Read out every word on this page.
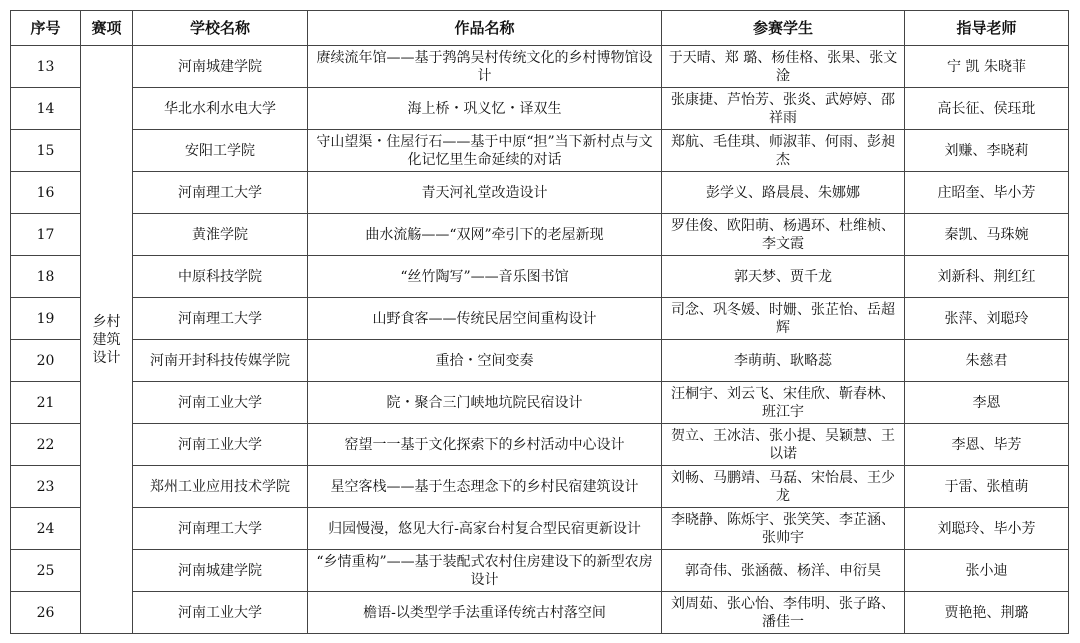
序号	赛项	学校名称	作品名称	参赛学生	指导老师
13	乡村建筑设计	河南城建学院	赓续流年馆——基于鹁鸽吴村传统文化的乡村博物馆设计	于天晴、郑 璐、杨佳格、张果、张文淦	宁 凯 朱晓菲
14		华北水利水电大学	海上桥・巩义忆・译双生	张康捷、芦怡芳、张炎、武婷婷、邵祥雨	高长征、侯珏玭
15		安阳工学院	守山望渠・住屋行石——基于中原“担”当下新村点与文化记忆里生命延续的对话	郑航、毛佳琪、师淑菲、何雨、彭昶杰	刘赚、李晓莉
16		河南理工大学	青天河礼堂改造设计	彭学义、路晨晨、朱娜娜	庄昭奎、毕小芳
17		黄淮学院	曲水流觞——“双网”牵引下的老屋新现	罗佳俊、欧阳萌、杨遇环、杜维桢、李文霞	秦凯、马珠婉
18		中原科技学院	“丝竹陶写”——音乐图书馆	郭天梦、贾千龙	刘新科、荆红红
19		河南理工大学	山野食客——传统民居空间重构设计	司念、巩冬媛、时姗、张芷怡、岳超辉	张萍、刘聪玲
20		河南开封科技传媒学院	重拾・空间变奏	李萌萌、耿略蕊	朱慈君
21		河南工业大学	院・聚合三门峡地坑院民宿设计	汪桐宇、刘云飞、宋佳欣、靳春林、班江宇	李恩
22		河南工业大学	窑望一一基于文化探索下的乡村活动中心设计	贺立、王冰洁、张小提、吴颖慧、王以诺	李恩、毕芳
23		郑州工业应用技术学院	星空客栈——基于生态理念下的乡村民宿建筑设计	刘畅、马鹏靖、马磊、宋怡晨、王少龙	于雷、张植萌
24		河南理工大学	归园慢漫，悠见大行-高家台村复合型民宿更新设计	李晓静、陈烁宇、张笑笑、李芷涵、张帅宇	刘聪玲、毕小芳
25		河南城建学院	“乡情重构”——基于装配式农村住房建设下的新型农房设计	郭奇伟、张涵薇、杨洋、申衍昊	张小迪
26		河南工业大学	檐语-以类型学手法重译传统古村落空间	刘周茹、张心怡、李伟明、张子路、潘佳一	贾艳艳、荆璐
